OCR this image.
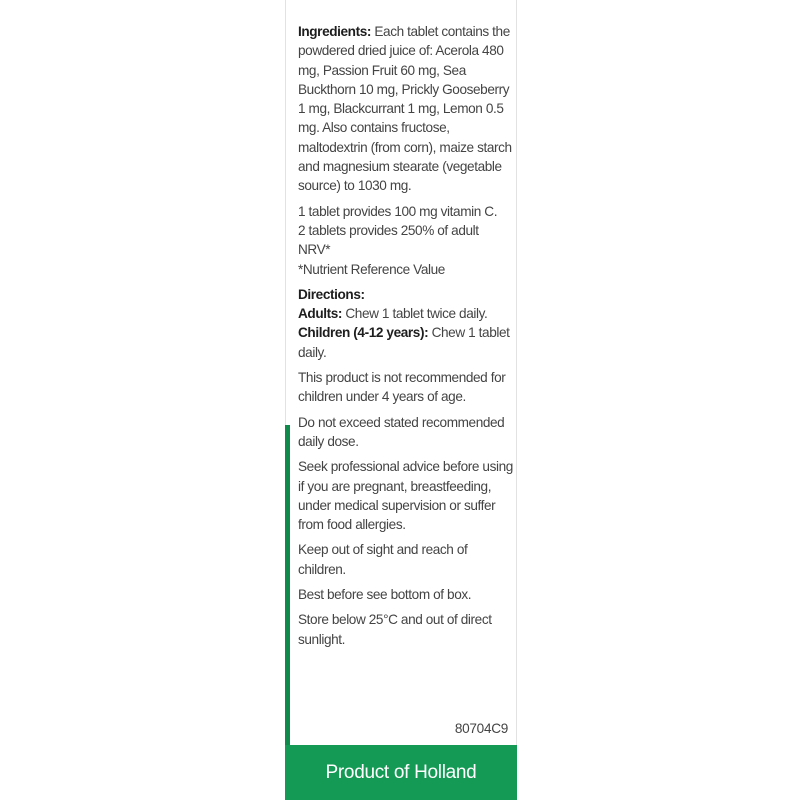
Ingredients: Each tablet contains the powdered dried juice of: Acerola 480 mg, Passion Fruit 60 mg, Sea Buckthorn 10 mg, Prickly Gooseberry 1 mg, Blackcurrant 1 mg, Lemon 0.5 mg. Also contains fructose, maltodextrin (from corn), maize starch and magnesium stearate (vegetable source) to 1030 mg.

1 tablet provides 100 mg vitamin C.
2 tablets provides 250% of adult NRV*
*Nutrient Reference Value

Directions:
Adults: Chew 1 tablet twice daily.
Children (4-12 years): Chew 1 tablet daily.

This product is not recommended for children under 4 years of age.

Do not exceed stated recommended daily dose.

Seek professional advice before using if you are pregnant, breastfeeding, under medical supervision or suffer from food allergies.

Keep out of sight and reach of children.

Best before see bottom of box.

Store below 25°C and out of direct sunlight.

80704C9
Product of Holland
